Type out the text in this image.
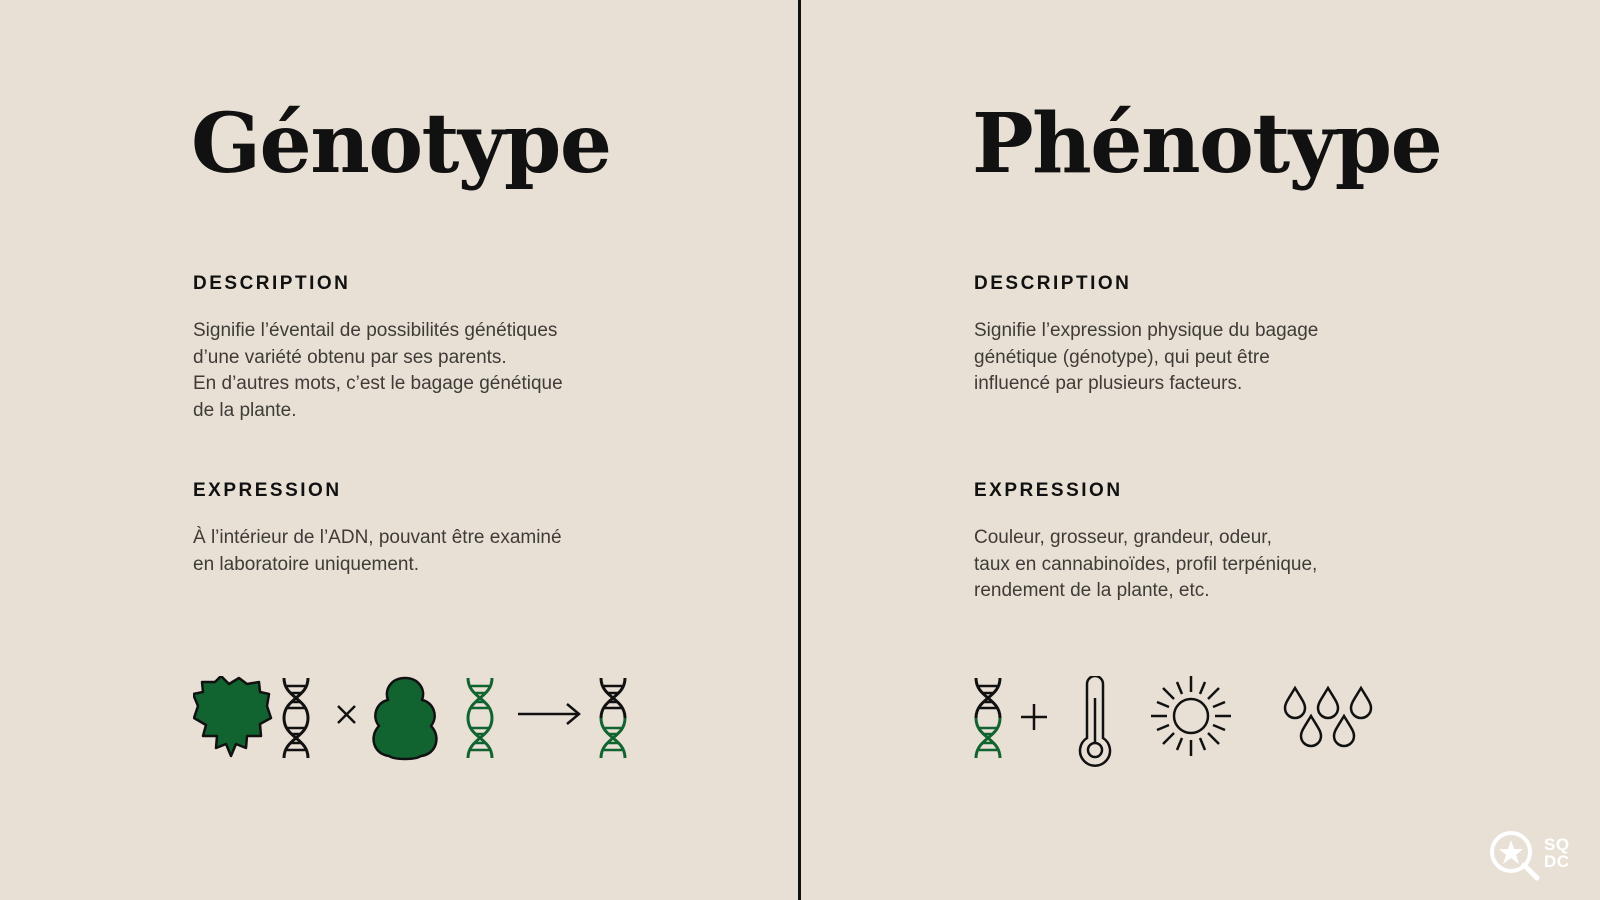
Génotype
DESCRIPTION

Signifie l’éventail de possibilités génétiques
d’une variété obtenu par ses parents.
En d’autres mots, c’est le bagage génétique
de la plante.

EXPRESSION

À l’intérieur de l’ADN, pouvant être examiné
en laboratoire uniquement.

Phénotype
DESCRIPTION

Signifie l’expression physique du bagage
génétique (génotype), qui peut être
influencé par plusieurs facteurs.

EXPRESSION

Couleur, grosseur, grandeur, odeur,
taux en cannabinoïdes, profil terpénique,
rendement de la plante, etc.

SQ
DC
